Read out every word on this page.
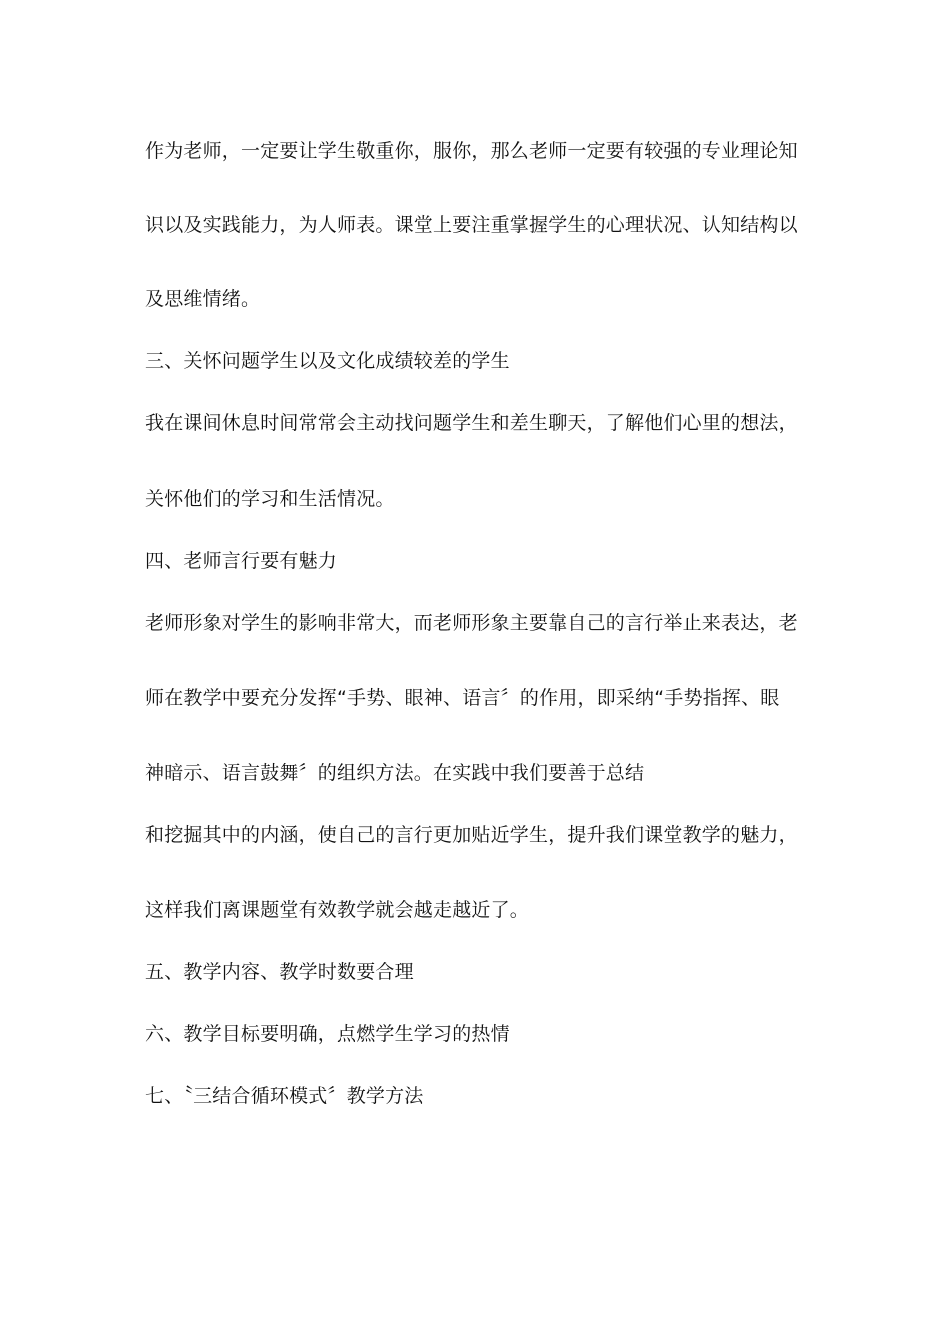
作为老师，一定要让学生敬重你，服你，那么老师一定要有较强的专业理论知
识以及实践能力，为人师表。课堂上要注重掌握学生的心理状况、认知结构以
及思维情绪。
三、关怀问题学生以及文化成绩较差的学生
我在课间休息时间常常会主动找问题学生和差生聊天，了解他们心里的想法，
关怀他们的学习和生活情况。
四、老师言行要有魅力
老师形象对学生的影响非常大，而老师形象主要靠自己的言行举止来表达，老
师在教学中要充分发挥“手势、眼神、语言〞的作用，即采纳“手势指挥、眼
神暗示、语言鼓舞〞的组织方法。在实践中我们要善于总结
和挖掘其中的内涵，使自己的言行更加贴近学生，提升我们课堂教学的魅力，
这样我们离课题堂有效教学就会越走越近了。
五、教学内容、教学时数要合理
六、教学目标要明确，点燃学生学习的热情
七、〝三结合循环模式〞教学方法
